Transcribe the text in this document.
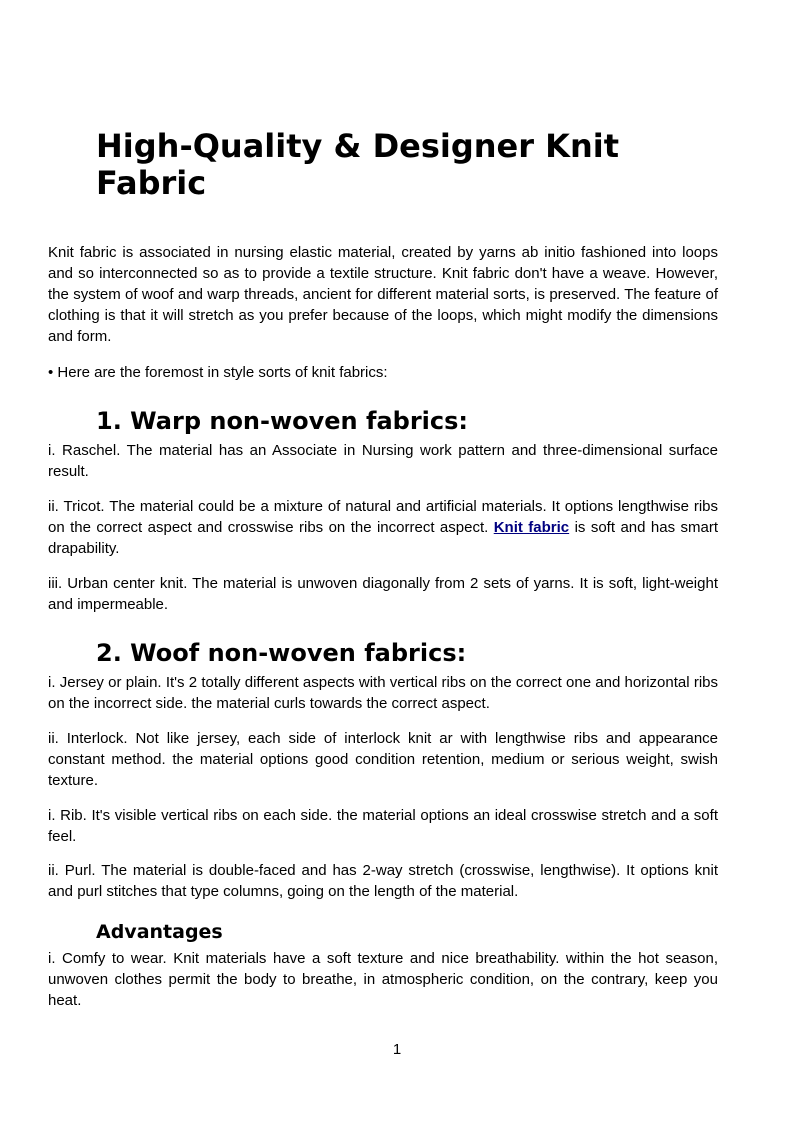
High-Quality & Designer Knit Fabric

Knit fabric is associated in nursing elastic material, created by yarns ab initio fashioned into loops and so interconnected so as to provide a textile structure. Knit fabric don't have a weave. However, the system of woof and warp threads, ancient for different material sorts, is preserved. The feature of clothing is that it will stretch as you prefer because of the loops, which might modify the dimensions and form.

• Here are the foremost in style sorts of knit fabrics:

1. Warp non-woven fabrics:

i. Raschel. The material has an Associate in Nursing work pattern and three-dimensional surface result.

ii. Tricot. The material could be a mixture of natural and artificial materials. It options lengthwise ribs on the correct aspect and crosswise ribs on the incorrect aspect. Knit fabric is soft and has smart drapability.

iii. Urban center knit. The material is unwoven diagonally from 2 sets of yarns. It is soft, light-weight and impermeable.

2. Woof non-woven fabrics:

i. Jersey or plain. It's 2 totally different aspects with vertical ribs on the correct one and horizontal ribs on the incorrect side. the material curls towards the correct aspect.

ii. Interlock. Not like jersey, each side of interlock knit ar with lengthwise ribs and appearance constant method. the material options good condition retention, medium or serious weight, swish texture.

i. Rib. It's visible vertical ribs on each side. the material options an ideal crosswise stretch and a soft feel.

ii. Purl. The material is double-faced and has 2-way stretch (crosswise, lengthwise). It options knit and purl stitches that type columns, going on the length of the material.

Advantages

i. Comfy to wear. Knit materials have a soft texture and nice breathability. within the hot season, unwoven clothes permit the body to breathe, in atmospheric condition, on the contrary, keep you heat.

1
